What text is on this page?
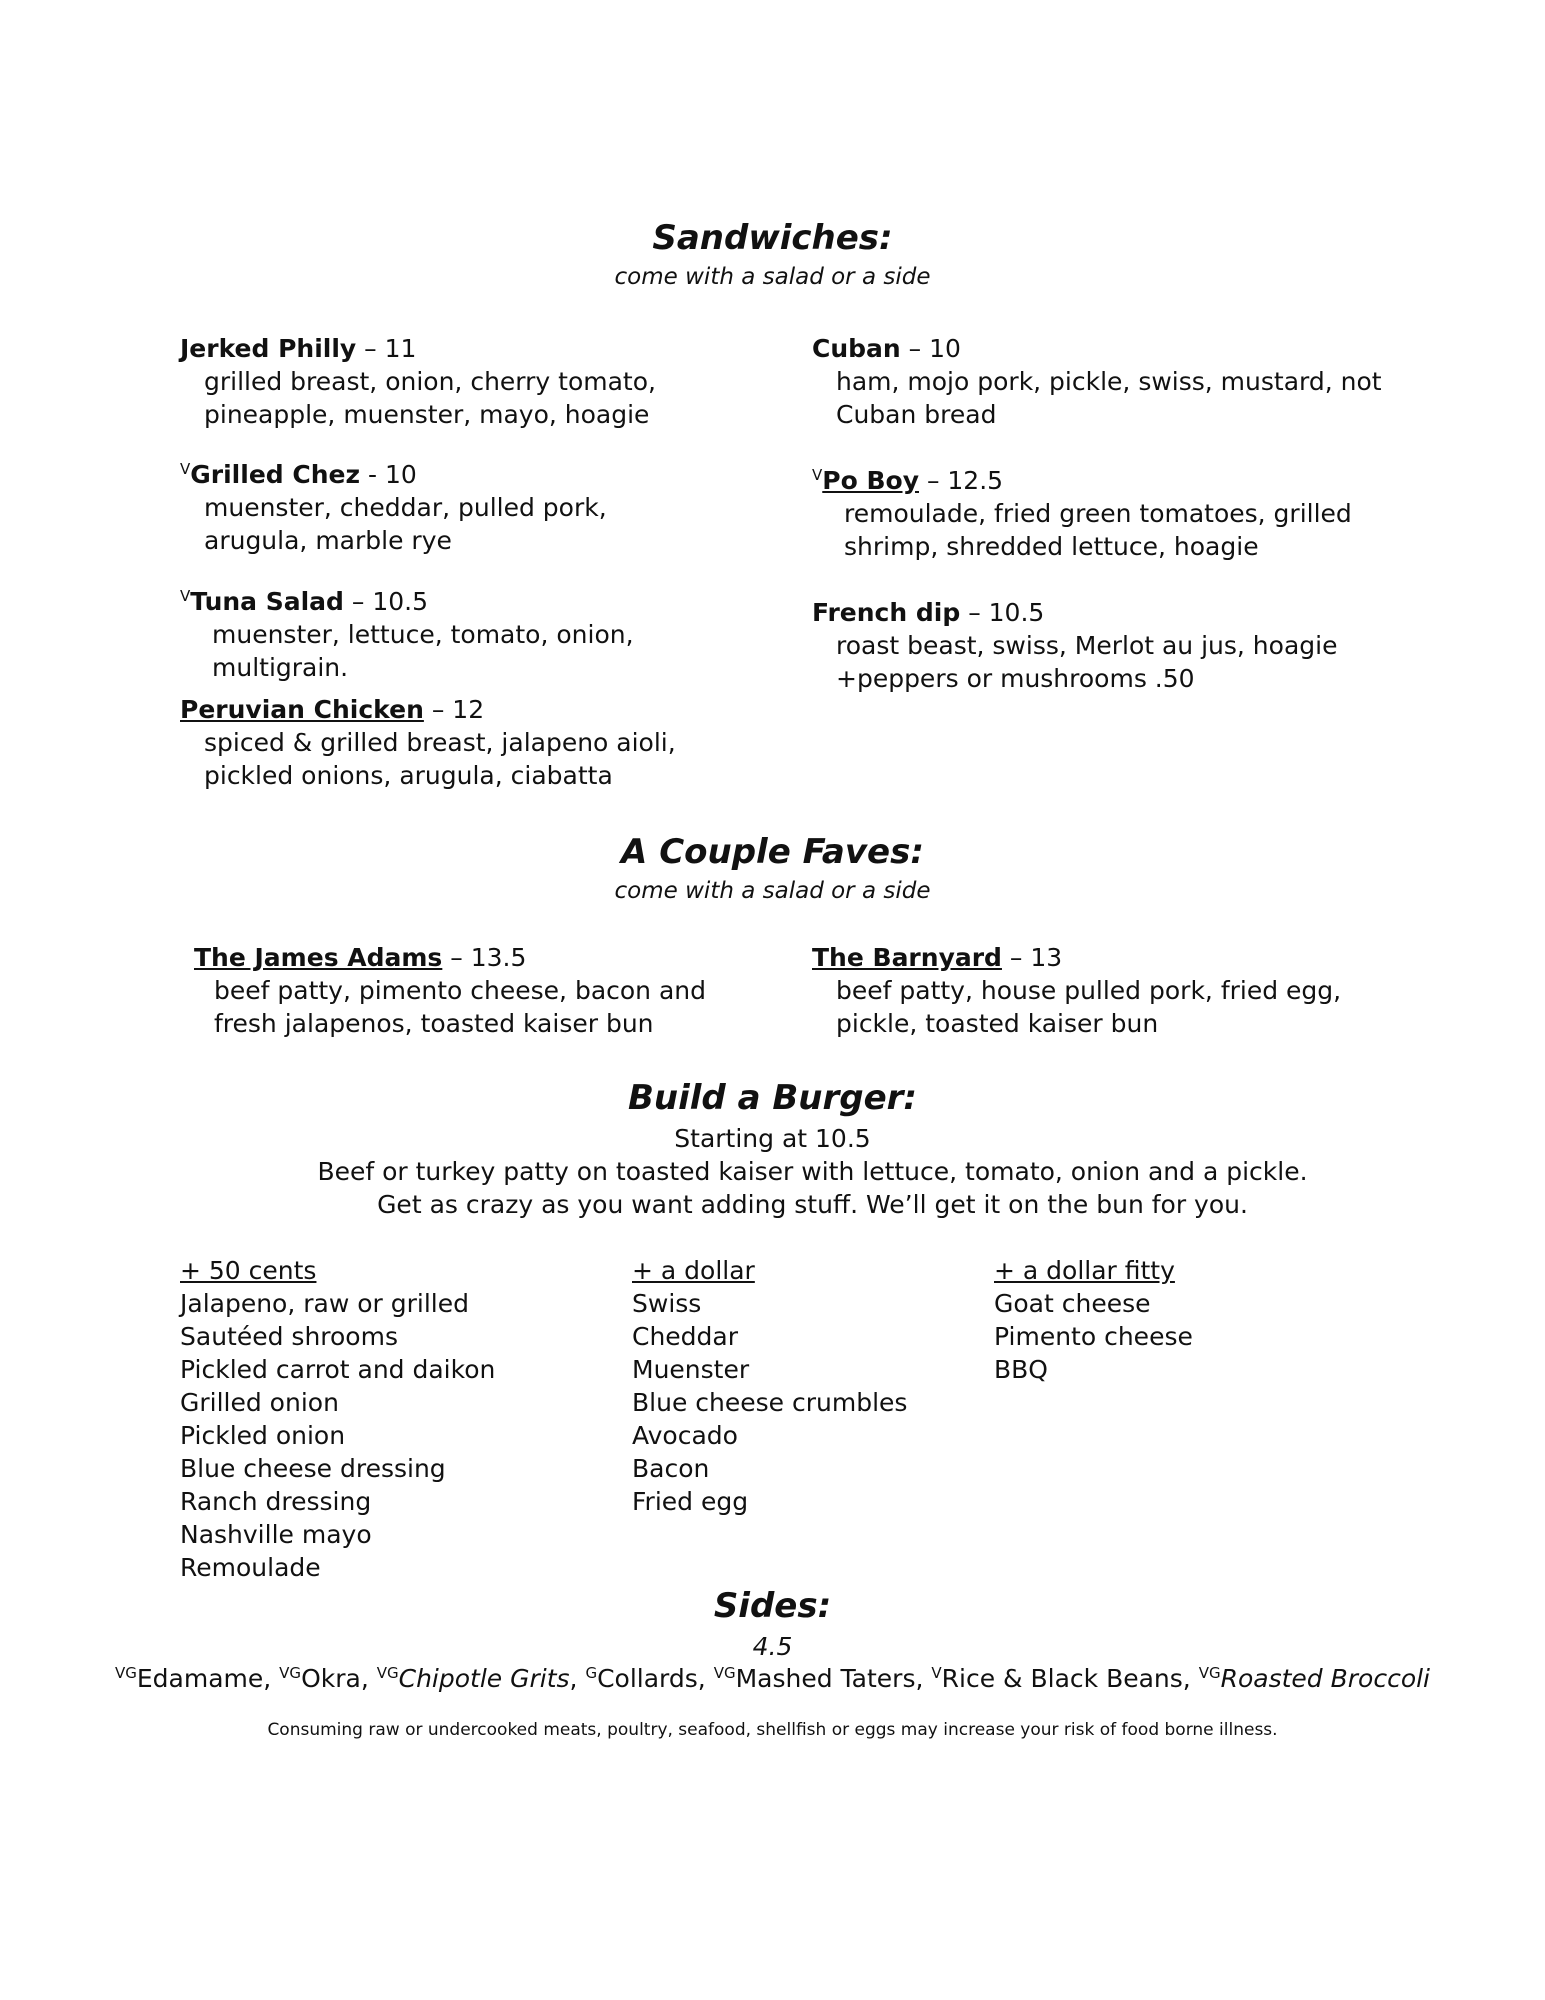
Sandwiches:
come with a salad or a side
Jerked Philly – 11
grilled breast, onion, cherry tomato,
pineapple, muenster, mayo, hoagie
$^V$Grilled Chez - 10
muenster, cheddar, pulled pork,
arugula, marble rye
$^V$Tuna Salad – 10.5
muenster, lettuce, tomato, onion,
multigrain.
Peruvian Chicken – 12
spiced & grilled breast, jalapeno aioli,
pickled onions, arugula, ciabatta
Cuban – 10
ham, mojo pork, pickle, swiss, mustard, not
Cuban bread
$^V$Po Boy – 12.5
remoulade, fried green tomatoes, grilled
shrimp, shredded lettuce, hoagie
French dip – 10.5
roast beast, swiss, Merlot au jus, hoagie
+peppers or mushrooms .50
A Couple Faves:
come with a salad or a side
The James Adams – 13.5
beef patty, pimento cheese, bacon and
fresh jalapenos, toasted kaiser bun
The Barnyard – 13
beef patty, house pulled pork, fried egg,
pickle, toasted kaiser bun
Build a Burger:
Starting at 10.5
Beef or turkey patty on toasted kaiser with lettuce, tomato, onion and a pickle.
Get as crazy as you want adding stuff. We’ll get it on the bun for you.
+ 50 cents
Jalapeno, raw or grilled
Sautéed shrooms
Pickled carrot and daikon
Grilled onion
Pickled onion
Blue cheese dressing
Ranch dressing
Nashville mayo
Remoulade
+ a dollar
Swiss
Cheddar
Muenster
Blue cheese crumbles
Avocado
Bacon
Fried egg
+ a dollar fitty
Goat cheese
Pimento cheese
BBQ
Sides:
4.5
$^{VG}$Edamame, $^{VG}$Okra, $^{VG}$Chipotle Grits, $^G$Collards, $^{VG}$Mashed Taters, $^V$Rice & Black Beans, $^{VG}$Roasted Broccoli
Consuming raw or undercooked meats, poultry, seafood, shellfish or eggs may increase your risk of food borne illness.
